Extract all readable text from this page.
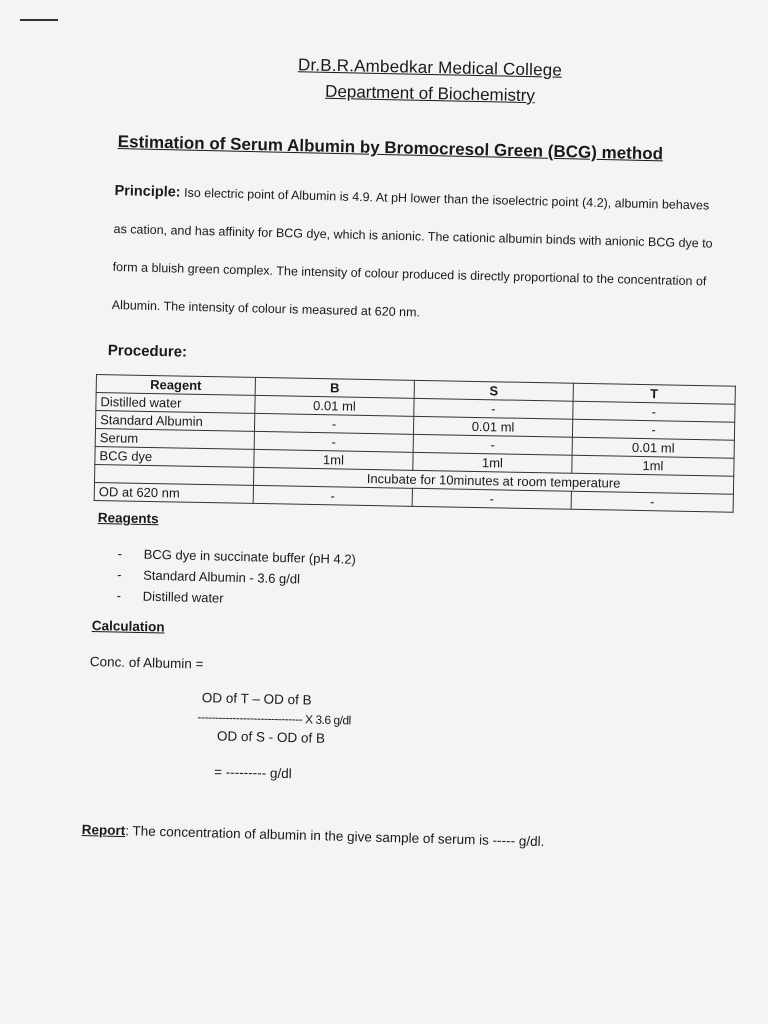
Dr.B.R.Ambedkar Medical College
Department of Biochemistry
Estimation of Serum Albumin by Bromocresol Green (BCG) method
Principle: Iso electric point of Albumin is 4.9. At pH lower than the isoelectric point (4.2), albumin behaves as cation, and has affinity for BCG dye, which is anionic. The cationic albumin binds with anionic BCG dye to form a bluish green complex. The intensity of colour produced is directly proportional to the concentration of Albumin. The intensity of colour is measured at 620 nm.
Procedure:
Reagent	B	S	T
Distilled water	0.01 ml	-	-
Standard Albumin	-	0.01 ml	-
Serum	-	-	0.01 ml
BCG dye	1ml	1ml	1ml
	Incubate for 10minutes at room temperature		
OD at 620 nm	-	-	-
Reagents
- BCG dye in succinate buffer (pH 4.2)
- Standard Albumin - 3.6 g/dl
- Distilled water
Calculation
Conc. of Albumin =
OD of T – OD of B
------------------------------ X 3.6 g/dl
OD of S - OD of B
= --------- g/dl
Report: The concentration of albumin in the give sample of serum is ----- g/dl.
